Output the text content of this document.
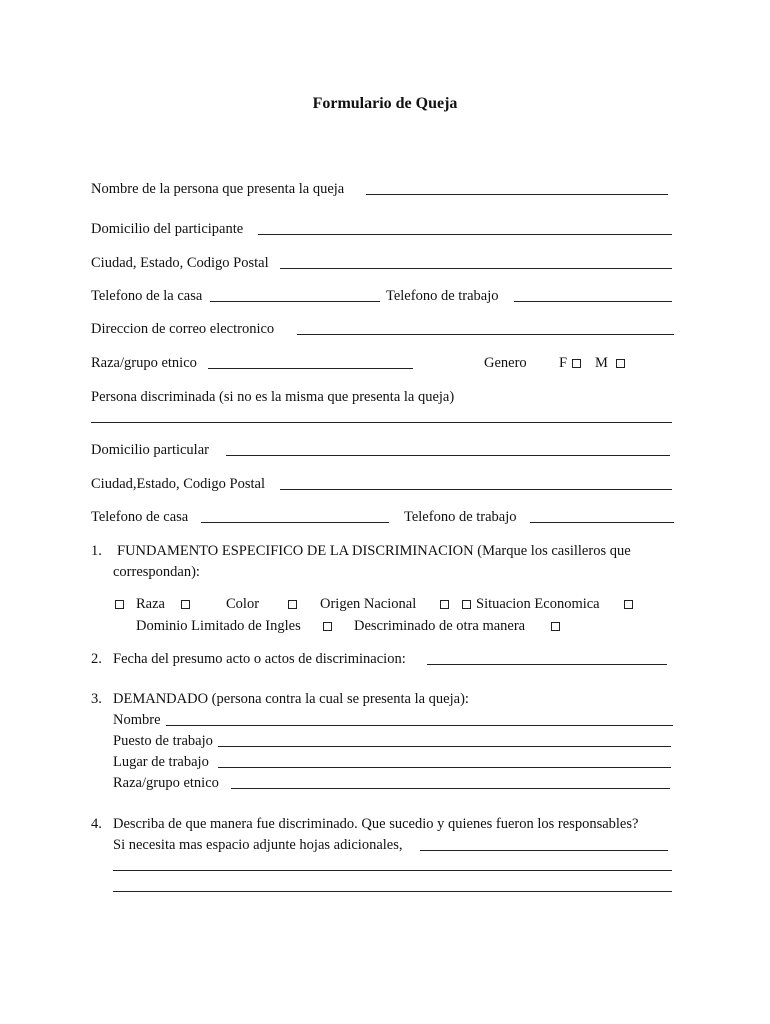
Formulario de Queja
Nombre de la persona que presenta la queja
Domicilio del participante
Ciudad, Estado, Codigo Postal
Telefono de la casa	Telefono de trabajo
Direccion de correo electronico
Raza/grupo etnico	Genero F M
Persona discriminada (si no es la misma que presenta la queja)
Domicilio particular
Ciudad,Estado, Codigo Postal
Telefono de casa	Telefono de trabajo
1. FUNDAMENTO ESPECIFICO DE LA DISCRIMINACION (Marque los casilleros que
correspondan):
Raza	Color	Origen Nacional	Situacion Economica
Dominio Limitado de Ingles	Descriminado de otra manera
2. Fecha del presumo acto o actos de discriminacion:
3. DEMANDADO (persona contra la cual se presenta la queja):
Nombre
Puesto de trabajo
Lugar de trabajo
Raza/grupo etnico
4. Describa de que manera fue discriminado. Que sucedio y quienes fueron los responsables?
Si necesita mas espacio adjunte hojas adicionales,
